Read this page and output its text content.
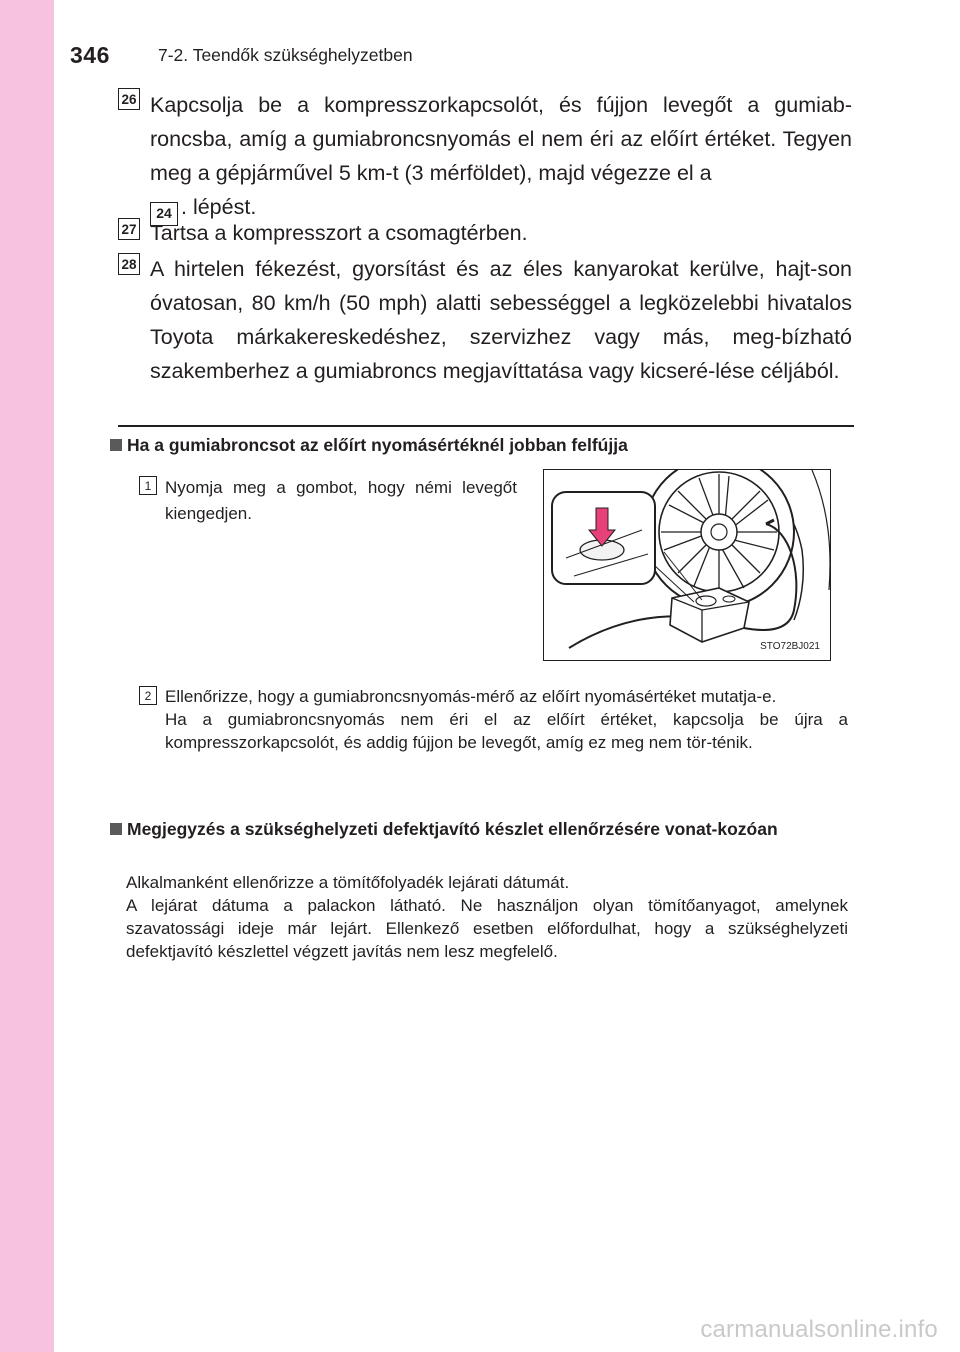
346	7-2. Teendők szükséghelyzetben
26 Kapcsolja be a kompresszorkapcsolót, és fújjon levegőt a gumiab-roncsba, amíg a gumiabroncsnyomás el nem éri az előírt értéket. Tegyen meg a gépjárművel 5 km-t (3 mérföldet), majd végezze el a
24 . lépést.
27 Tartsa a kompresszort a csomagtérben.
28 A hirtelen fékezést, gyorsítást és az éles kanyarokat kerülve, hajt-son óvatosan, 80 km/h (50 mph) alatti sebességgel a legközelebbi hivatalos Toyota márkakereskedéshez, szervizhez vagy más, meg-bízható szakemberhez a gumiabroncs megjavíttatása vagy kicseré-lése céljából.
Ha a gumiabroncsot az előírt nyomásértéknél jobban felfújja
1 Nyomja meg a gombot, hogy némi levegőt kiengedjen.
STO72BJ021
2 Ellenőrizze, hogy a gumiabroncsnyomás-mérő az előírt nyomásértéket mutatja-e.
Ha a gumiabroncsnyomás nem éri el az előírt értéket, kapcsolja be újra a kompresszorkapcsolót, és addig fújjon be levegőt, amíg ez meg nem tör-ténik.
Megjegyzés a szükséghelyzeti defektjavító készlet ellenőrzésére vonat-kozóan
Alkalmanként ellenőrizze a tömítőfolyadék lejárati dátumát.
A lejárat dátuma a palackon látható. Ne használjon olyan tömítőanyagot, amelynek szavatossági ideje már lejárt. Ellenkező esetben előfordulhat, hogy a szükséghelyzeti defektjavító készlettel végzett javítás nem lesz megfelelő.
carmanualsonline.info
